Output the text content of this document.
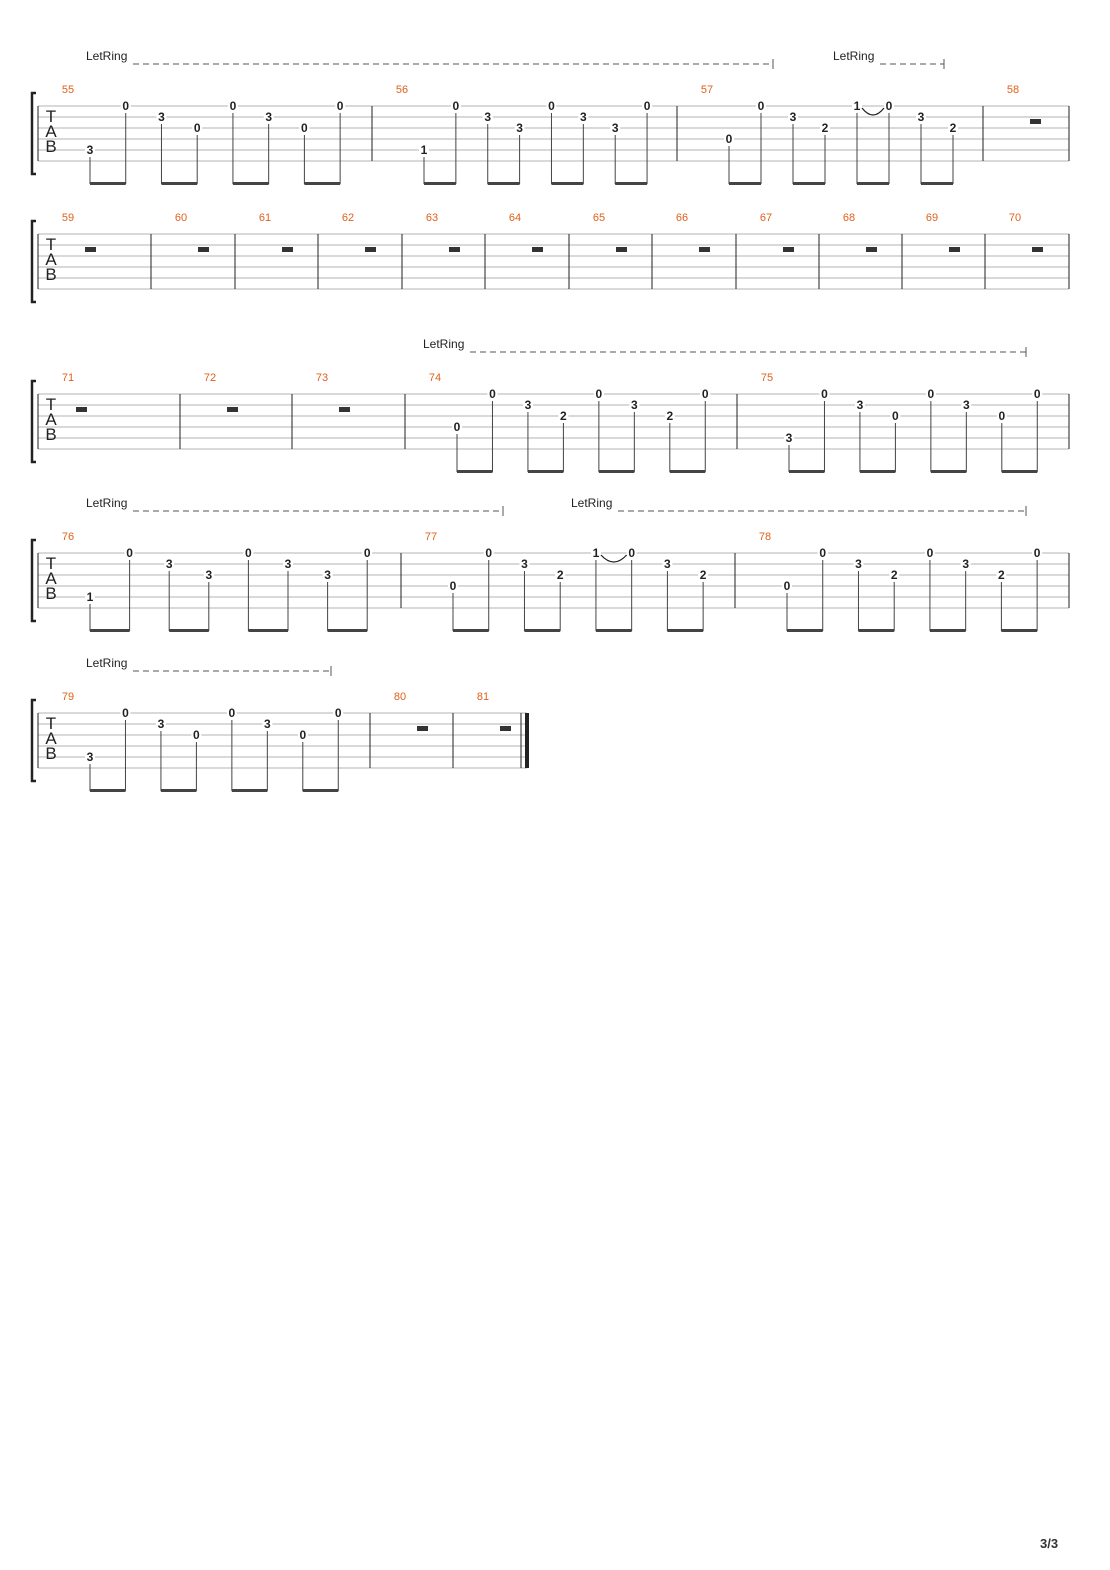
T
A
B
LetRing	LetRing
55
3
0
3
0
0
3
0
0
56
1
0
3
3
0
3
3
0
57
0
0
3
2
1 0
3
2
58
T
A
B
59	60	61	62	63	64	65	66	67	68	69	70
T
A
B
LetRing
71	72	73	74
0
0
3
2
0
3
2
0
75
3
0
3
0
0
3
0
0
T
A
B
LetRing	LetRing
76
1
0
3
3
0
3
3
0
77
0
0
3
2
1 0
3
2
78
0
0
3
2
0
3
2
0
T
A
B
LetRing
79
3
0
3
0
0
3
0
0
80	81
3/3
